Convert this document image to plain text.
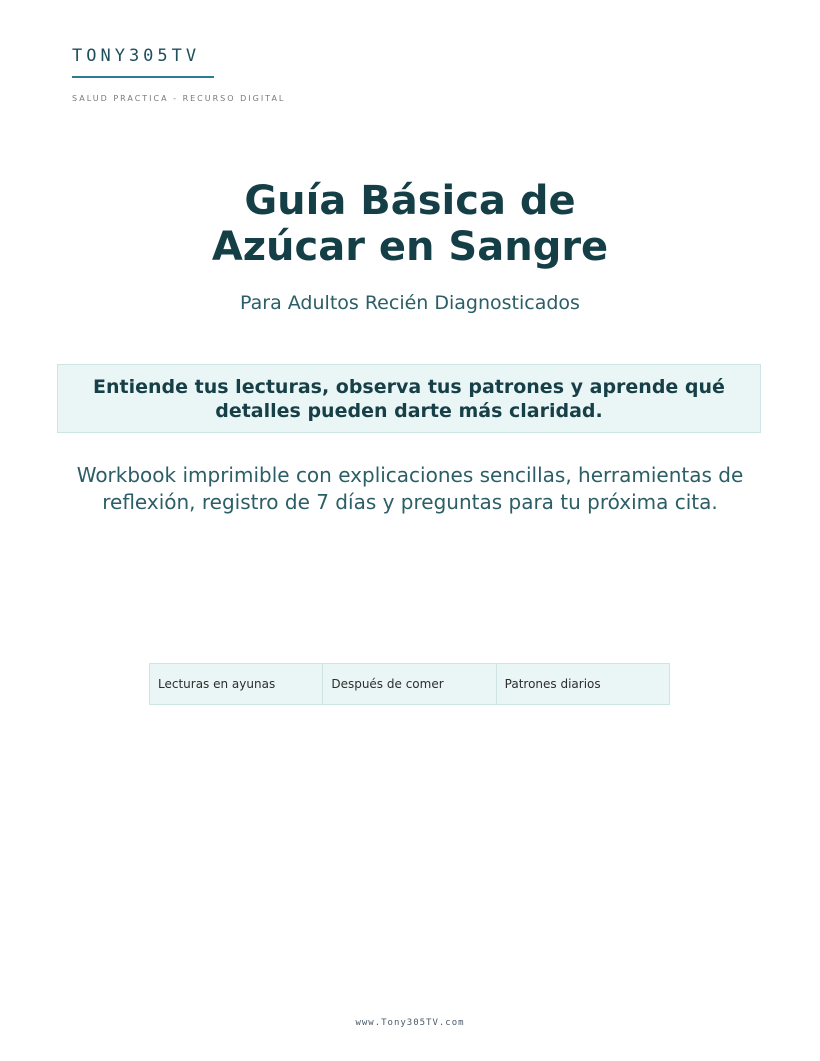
TONY305TV
SALUD PRACTICA - RECURSO DIGITAL
Guía Básica de
Azúcar en Sangre
Para Adultos Recién Diagnosticados
Entiende tus lecturas, observa tus patrones y aprende qué
detalles pueden darte más claridad.
Workbook imprimible con explicaciones sencillas, herramientas de
reflexión, registro de 7 días y preguntas para tu próxima cita.
Lecturas en ayunas	Después de comer	Patrones diarios
www.Tony305TV.com
